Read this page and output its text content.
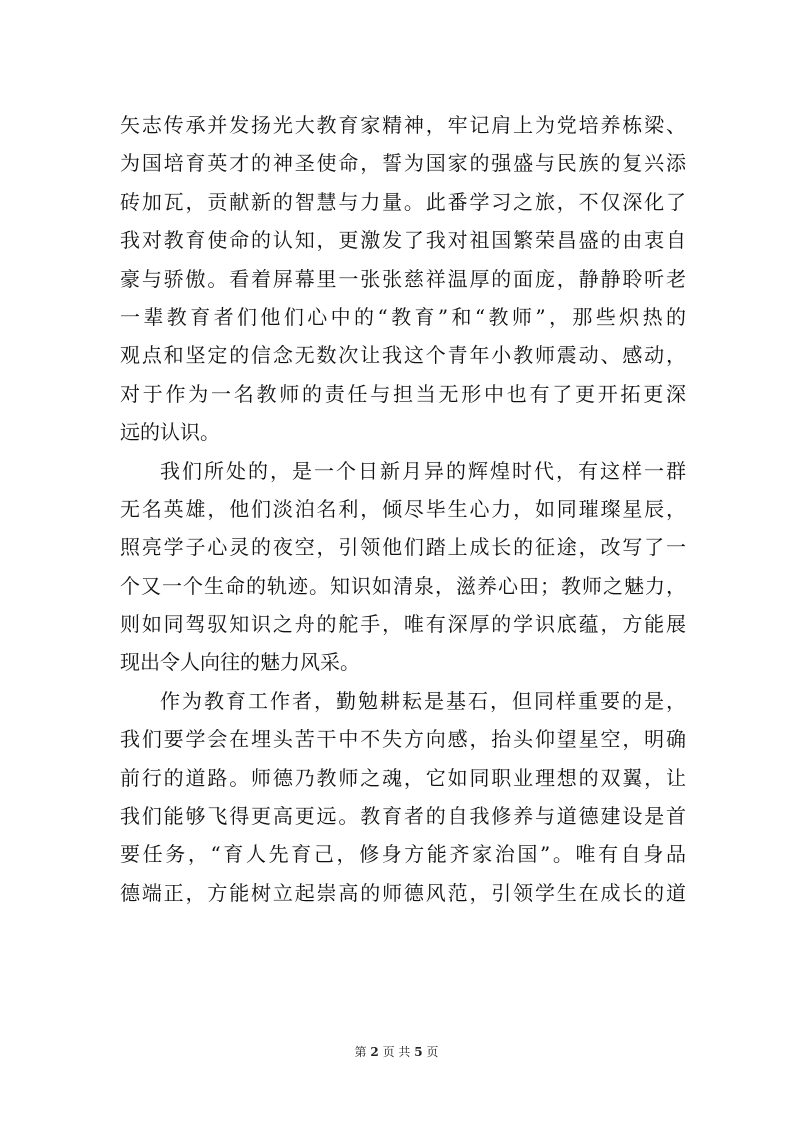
矢志传承并发扬光大教育家精神，牢记肩上为党培养栋梁、
为国培育英才的神圣使命，誓为国家的强盛与民族的复兴添
砖加瓦，贡献新的智慧与力量。此番学习之旅，不仅深化了
我对教育使命的认知，更激发了我对祖国繁荣昌盛的由衷自
豪与骄傲。看着屏幕里一张张慈祥温厚的面庞，静静聆听老
一辈教育者们他们心中的“教育”和“教师”，那些炽热的
观点和坚定的信念无数次让我这个青年小教师震动、感动，
对于作为一名教师的责任与担当无形中也有了更开拓更深
远的认识。
我们所处的，是一个日新月异的辉煌时代，有这样一群
无名英雄，他们淡泊名利，倾尽毕生心力，如同璀璨星辰，
照亮学子心灵的夜空，引领他们踏上成长的征途，改写了一
个又一个生命的轨迹。知识如清泉，滋养心田；教师之魅力，
则如同驾驭知识之舟的舵手，唯有深厚的学识底蕴，方能展
现出令人向往的魅力风采。
作为教育工作者，勤勉耕耘是基石，但同样重要的是，
我们要学会在埋头苦干中不失方向感，抬头仰望星空，明确
前行的道路。师德乃教师之魂，它如同职业理想的双翼，让
我们能够飞得更高更远。教育者的自我修养与道德建设是首
要任务，“育人先育己，修身方能齐家治国”。唯有自身品
德端正，方能树立起崇高的师德风范，引领学生在成长的道
第 2 页 共 5 页
